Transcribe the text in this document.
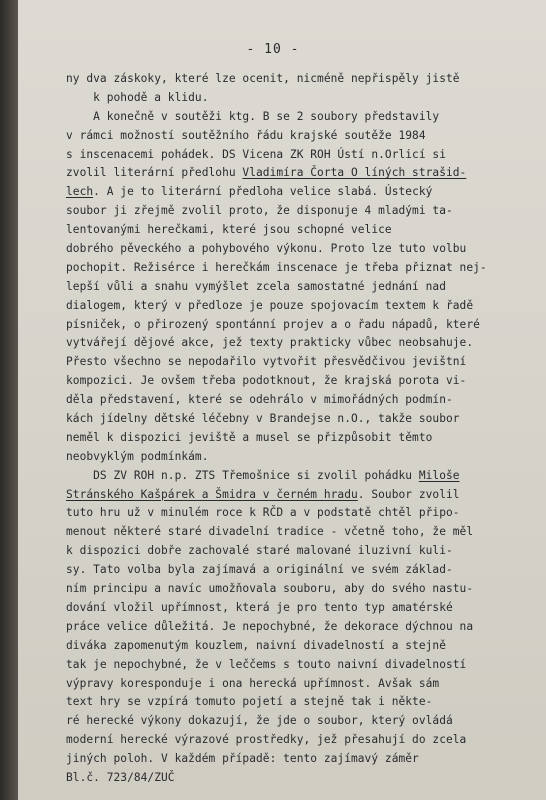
- 10 -
ny dva záskoky, které lze ocenit, nicméně nepřispěly jistě
k pohodě a klidu.
A konečně v soutěži ktg. B se 2 soubory představily
v rámci možností soutěžního řádu krajské soutěže 1984
s inscenacemi pohádek. DS Vicena ZK ROH Ústí n.Orlicí si
zvolil literární předlohu Vladimíra Čorta O líných strašid-
lech. A je to literární předloha velice slabá. Ústecký
soubor ji zřejmě zvolil proto, že disponuje 4 mladými ta-
lentovanými herečkami, které jsou schopné velice
dobrého pěveckého a pohybového výkonu. Proto lze tuto volbu
pochopit. Režisérce i herečkám inscenace je třeba přiznat nej-
lepší vůli a snahu vymýšlet zcela samostatné jednání nad
dialogem, který v předloze je pouze spojovacím textem k řadě
písniček, o přirozený spontánní projev a o řadu nápadů, které
vytvářejí dějové akce, jež texty prakticky vůbec neobsahuje.
Přesto všechno se nepodařilo vytvořit přesvědčivou jevištní
kompozici. Je ovšem třeba podotknout, že krajská porota vi-
děla představení, které se odehrálo v mimořádných podmín-
kách jídelny dětské léčebny v Brandejse n.O., takže soubor
neměl k dispozici jeviště a musel se přizpůsobit těmto
neobvyklým podmínkám.
DS ZV ROH n.p. ZTS Třemošnice si zvolil pohádku Miloše
Stránského Kašpárek a Šmidra v černém hradu. Soubor zvolil
tuto hru už v minulém roce k RČD a v podstatě chtěl připo-
menout některé staré divadelní tradice - včetně toho, že měl
k dispozici dobře zachovalé staré malované iluzivní kuli-
sy. Tato volba byla zajímavá a originální ve svém základ-
ním principu a navíc umožňovala souboru, aby do svého nastu-
dování vložil upřímnost, která je pro tento typ amatérské
práce velice důležitá. Je nepochybné, že dekorace dýchnou na
diváka zapomenutým kouzlem, naivní divadelností a stejně
tak je nepochybné, že v leččems s touto naivní divadelností
výpravy koresponduje i ona herecká upřímnost. Avšak sám
text hry se vzpírá tomuto pojetí a stejně tak i někte-
ré herecké výkony dokazují, že jde o soubor, který ovládá
moderní herecké výrazové prostředky, jež přesahují do zcela
jiných poloh. V každém případě: tento zajímavý záměr
Bl.č. 723/84/ZUČ
